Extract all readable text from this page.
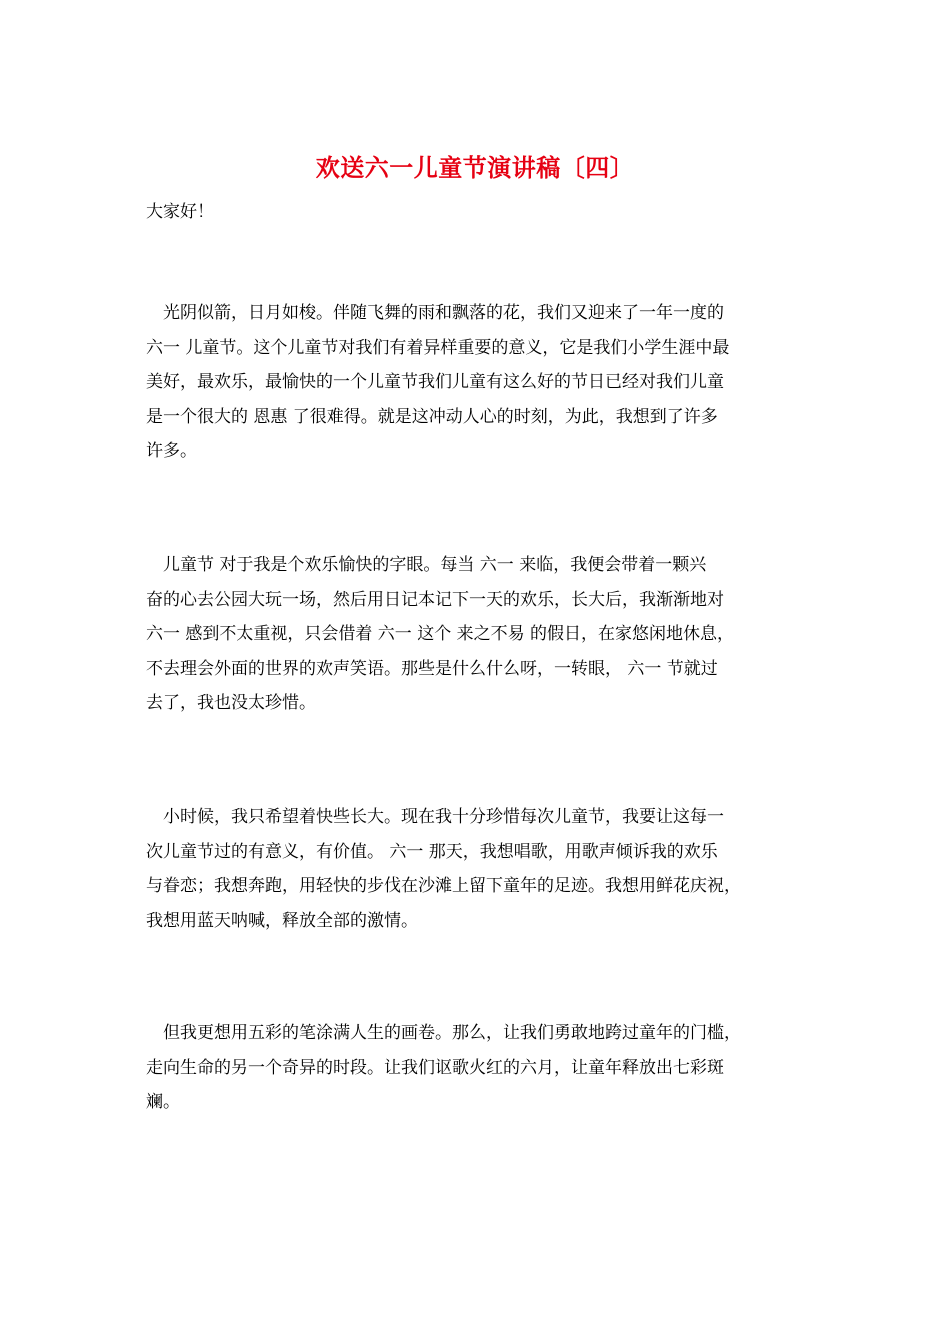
欢送六一儿童节演讲稿〔四〕
大家好！
　光阴似箭，日月如梭。伴随飞舞的雨和飘落的花，我们又迎来了一年一度的
六一 儿童节。这个儿童节对我们有着异样重要的意义，它是我们小学生涯中最
美好，最欢乐，最愉快的一个儿童节我们儿童有这么好的节日已经对我们儿童
是一个很大的 恩惠 了很难得。就是这冲动人心的时刻，为此，我想到了许多
许多。
　儿童节 对于我是个欢乐愉快的字眼。每当 六一 来临，我便会带着一颗兴
奋的心去公园大玩一场，然后用日记本记下一天的欢乐，长大后，我渐渐地对
六一 感到不太重视，只会借着 六一 这个 来之不易 的假日，在家悠闲地休息，
不去理会外面的世界的欢声笑语。那些是什么什么呀，一转眼， 六一 节就过
去了，我也没太珍惜。
　小时候，我只希望着快些长大。现在我十分珍惜每次儿童节，我要让这每一
次儿童节过的有意义，有价值。 六一 那天，我想唱歌，用歌声倾诉我的欢乐
与眷恋；我想奔跑，用轻快的步伐在沙滩上留下童年的足迹。我想用鲜花庆祝，
我想用蓝天呐喊，释放全部的激情。
　但我更想用五彩的笔涂满人生的画卷。那么，让我们勇敢地跨过童年的门槛，
走向生命的另一个奇异的时段。让我们讴歌火红的六月，让童年释放出七彩斑
斓。
